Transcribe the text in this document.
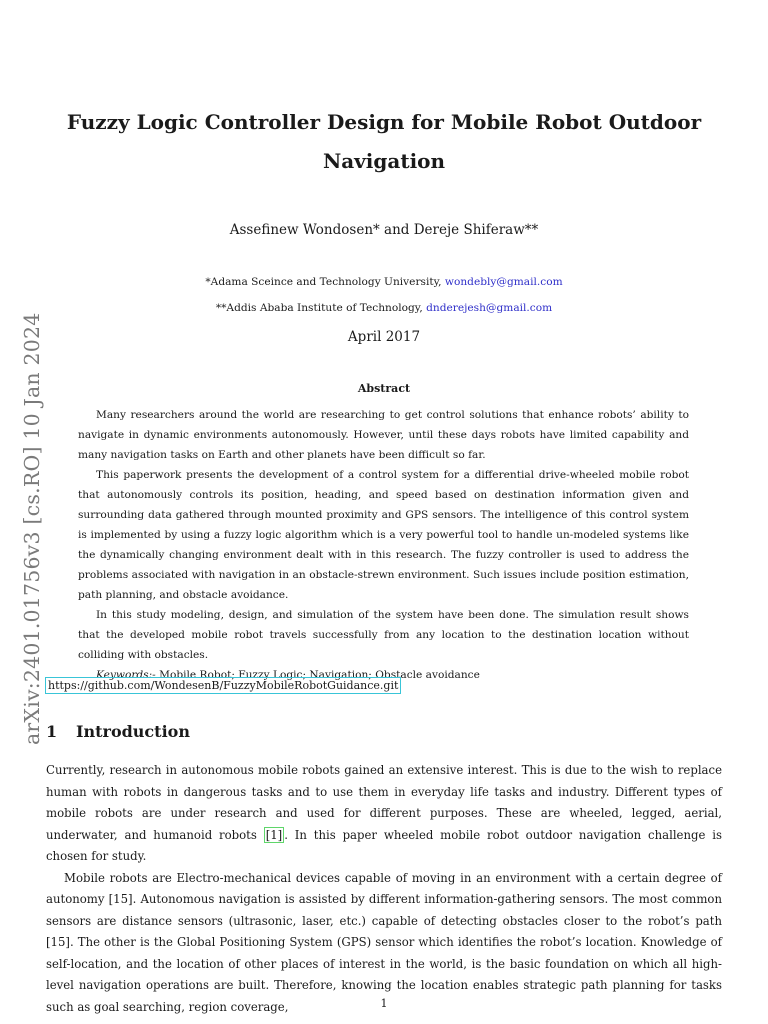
arXiv:2401.01756v3 [cs.RO] 10 Jan 2024
Fuzzy Logic Controller Design for Mobile Robot Outdoor Navigation
Assefinew Wondosen* and Dereje Shiferaw**
*Adama Sceince and Technology University, wondebly@gmail.com
**Addis Ababa Institute of Technology, dnderejesh@gmail.com
April 2017
Abstract

Many researchers around the world are researching to get control solutions that enhance robots’ ability to navigate in dynamic environments autonomously. However, until these days robots have limited capability and many navigation tasks on Earth and other planets have been difficult so far.

This paperwork presents the development of a control system for a differential drive-wheeled mobile robot that autonomously controls its position, heading, and speed based on destination information given and surrounding data gathered through mounted proximity and GPS sensors. The intelligence of this control system is implemented by using a fuzzy logic algorithm which is a very powerful tool to handle un-modeled systems like the dynamically changing environment dealt with in this research. The fuzzy controller is used to address the problems associated with navigation in an obstacle-strewn environment. Such issues include position estimation, path planning, and obstacle avoidance.

In this study modeling, design, and simulation of the system have been done. The simulation result shows that the developed mobile robot travels successfully from any location to the destination location without colliding with obstacles.

Keywords:- Mobile Robot; Fuzzy Logic; Navigation; Obstacle avoidance

https://github.com/WondesenB/FuzzyMobileRobotGuidance.git
1 Introduction

Currently, research in autonomous mobile robots gained an extensive interest. This is due to the wish to replace human with robots in dangerous tasks and to use them in everyday life tasks and industry. Different types of mobile robots are under research and used for different purposes. These are wheeled, legged, aerial, underwater, and humanoid robots [1] . In this paper wheeled mobile robot outdoor navigation challenge is chosen for study.

Mobile robots are Electro-mechanical devices capable of moving in an environment with a certain degree of autonomy [15]. Autonomous navigation is assisted by different information-gathering sensors. The most common sensors are distance sensors (ultrasonic, laser, etc.) capable of detecting obstacles closer to the robot’s path [15]. The other is the Global Positioning System (GPS) sensor which identifies the robot’s location. Knowledge of self-location, and the location of other places of interest in the world, is the basic foundation on which all high-level navigation operations are built. Therefore, knowing the location enables strategic path planning for tasks such as goal searching, region coverage,	1
